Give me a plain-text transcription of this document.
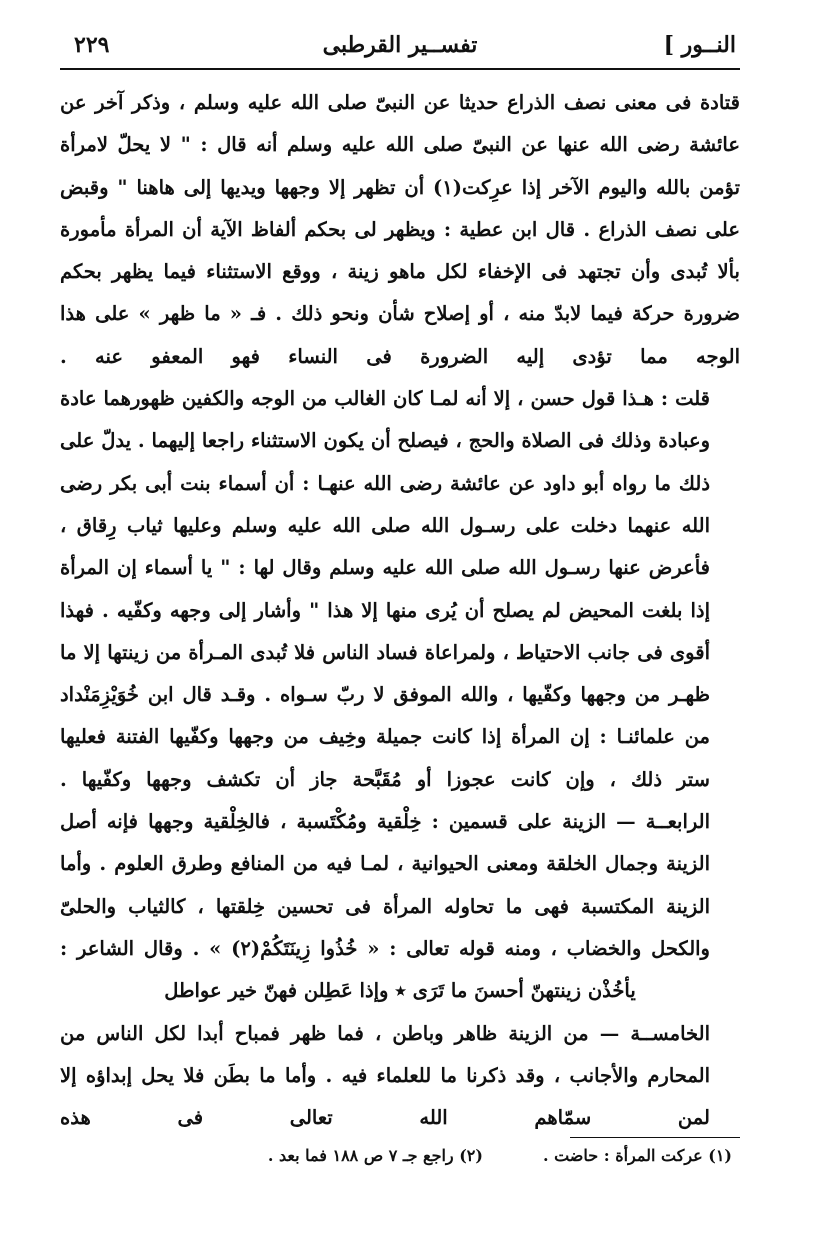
النــور ]
تفســير القرطبى
٢٢٩

قتادة فى معنى نصف الذراع حديثا عن النبىّ صلى الله عليه وسلم ، وذكر آخر عن عائشة رضى الله عنها عن النبىّ صلى الله عليه وسلم أنه قال : " لا يحلّ لامرأة تؤمن بالله واليوم الآخر إذا عرِكت(١) أن تظهر إلا وجهها ويديها إلى هاهنا " وقبض على نصف الذراع . قال ابن عطية : ويظهر لى بحكم ألفاظ الآية أن المرأة مأمورة بألا تُبدى وأن تجتهد فى الإخفاء لكل ماهو زينة ، ووقع الاستثناء فيما يظهر بحكم ضرورة حركة فيما لابدّ منه ، أو إصلاح شأن ونحو ذلك . فـ « ما ظهر » على هذا الوجه مما تؤدى إليه الضرورة فى النساء فهو المعفو عنه .

قلت : هـذا قول حسن ، إلا أنه لمـا كان الغالب من الوجه والكفين ظهورهما عادة وعبادة وذلك فى الصلاة والحج ، فيصلح أن يكون الاستثناء راجعا إليهما . يدلّ على ذلك ما رواه أبو داود عن عائشة رضى الله عنهـا : أن أسماء بنت أبى بكر رضى الله عنهما دخلت على رسـول الله صلى الله عليه وسلم وعليها ثياب رِقاق ، فأعرض عنها رسـول الله صلى الله عليه وسلم وقال لها : " يا أسماء إن المرأة إذا بلغت المحيض لم يصلح أن يُرى منها إلا هذا " وأشار إلى وجهه وكفّيه . فهذا أقوى فى جانب الاحتياط ، ولمراعاة فساد الناس فلا تُبدى المـرأة من زينتها إلا ما ظهـر من وجهها وكفّيها ، والله الموفق لا ربّ سـواه . وقـد قال ابن خُوَيْزِمَنْداد من علمائنـا : إن المرأة إذا كانت جميلة وخِيف من وجهها وكفّيها الفتنة فعليها ستر ذلك ، وإن كانت عجوزا أو مُقَبَّحة جاز أن تكشف وجهها وكفّيها .

الرابعــة — الزينة على قسمين : خِلْقية ومُكْتَسبة ، فالخِلْقية وجهها فإنه أصل الزينة وجمال الخلقة ومعنى الحيوانية ، لمـا فيه من المنافع وطرق العلوم . وأما الزينة المكتسبة فهى ما تحاوله المرأة فى تحسين خِلقتها ، كالثياب والحلىّ والكحل والخضاب ، ومنه قوله تعالى : « خُذُوا زِينَتَكُمْ(٢) » . وقال الشاعر :

يأخُذْن زينتهنّ أحسنَ ما تَرَى ٭ وإذا عَطِلن فهنّ خير عواطل

الخامســة — من الزينة ظاهر وباطن ، فما ظهر فمباح أبدا لكل الناس من المحارم والأجانب ، وقد ذكرنا ما للعلماء فيه . وأما ما بطَن فلا يحل إبداؤه إلا لمن سمّاهم الله تعالى فى هذه

(١) عركت المرأة : حاضت .
(٢) راجع جـ ٧ ص ١٨٨ فما بعد .
